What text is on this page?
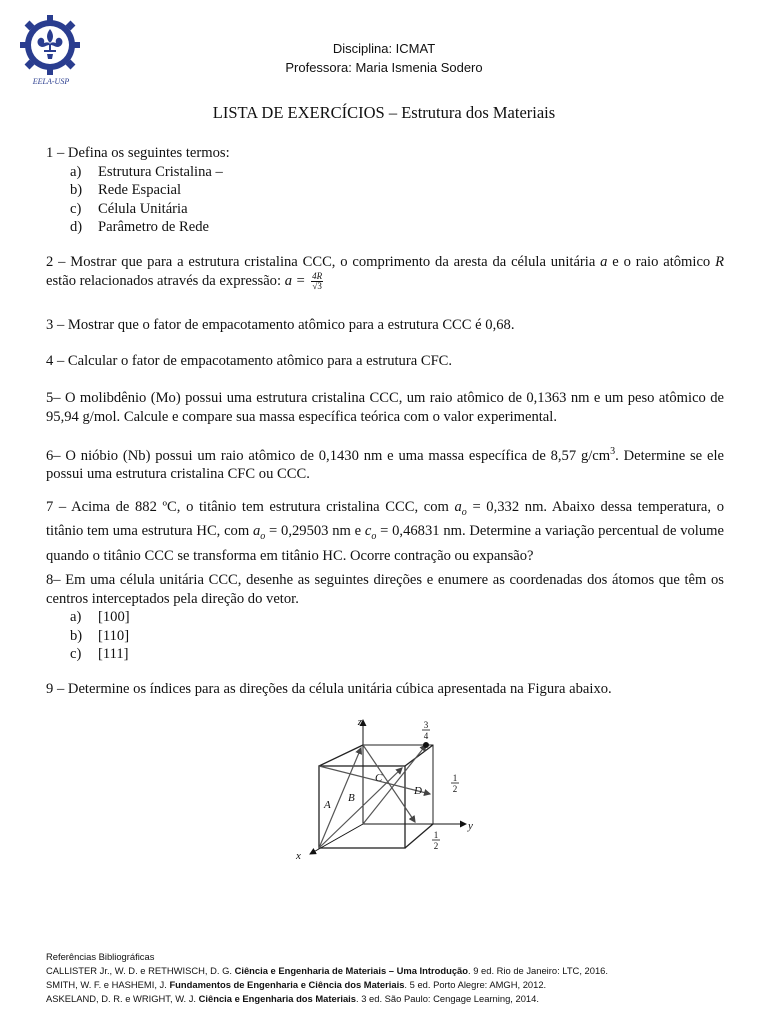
EELA-USP
Disciplina: ICMAT
Professora: Maria Ismenia Sodero
LISTA DE EXERCÍCIOS – Estrutura dos Materiais
1 – Defina os seguintes termos:
a)	Estrutura Cristalina –
b)	Rede Espacial
c)	Célula Unitária
d)	Parâmetro de Rede
2 – Mostrar que para a estrutura cristalina CCC, o comprimento da aresta da célula unitária a e o raio atômico R estão relacionados através da expressão: $a = \frac{4R}{√3}$
3 – Mostrar que o fator de empacotamento atômico para a estrutura CCC é 0,68.
4 – Calcular o fator de empacotamento atômico para a estrutura CFC.
5– O molibdênio (Mo) possui uma estrutura cristalina CCC, um raio atômico de 0,1363 nm e um peso atômico de 95,94 g/mol. Calcule e compare sua massa específica teórica com o valor experimental.
6– O nióbio (Nb) possui um raio atômico de 0,1430 nm e uma massa específica de 8,57 $g/cm^3$. Determine se ele possui uma estrutura cristalina CFC ou CCC.
7 – Acima de 882 ºC, o titânio tem estrutura cristalina CCC, com $a_o = 0,332$ nm. Abaixo dessa temperatura, o titânio tem uma estrutura HC, com $a_o = 0,29503$ nm e $c_o = 0,46831$ nm. Determine a variação percentual de volume quando o titânio CCC se transforma em titânio HC. Ocorre contração ou expansão?
8– Em uma célula unitária CCC, desenhe as seguintes direções e enumere as coordenadas dos átomos que têm os centros interceptados pela direção do vetor.
a)	[100]
b)	[110]
c)	[111]
9 – Determine os índices para as direções da célula unitária cúbica apresentada na Figura abaixo.
z
y
x
A
B
C
D
3
4
1
2
1
2
Referências Bibliográficas
CALLISTER Jr., W. D. e RETHWISCH, D. G. Ciência e Engenharia de Materiais – Uma Introdução. 9 ed. Rio de Janeiro: LTC, 2016.
SMITH, W. F. e HASHEMI, J. Fundamentos de Engenharia e Ciência dos Materiais. 5 ed. Porto Alegre: AMGH, 2012.
ASKELAND, D. R. e WRIGHT, W. J. Ciência e Engenharia dos Materiais. 3 ed. São Paulo: Cengage Learning, 2014.
